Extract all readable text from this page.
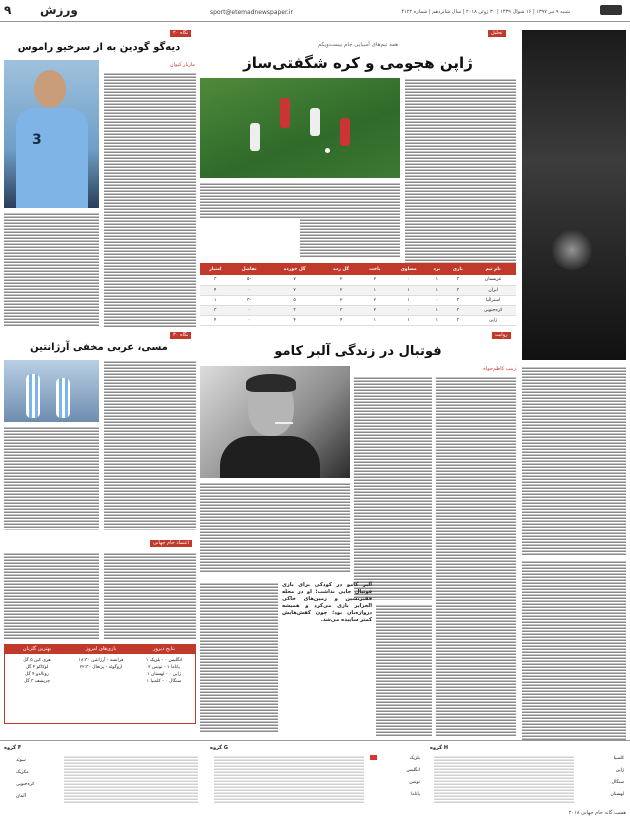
۹ ورزش	sport@etemadnewspaper.ir	شنبه ۹ تیر ۱۳۹۷ | ۱۶ شوال ۱۴۳۹ | ۳۰ ژوئن ۲۰۱۸ | سال شانزدهم | شماره ۴۱۲۲
تحلیل
همه تیم‌های آسیایی جام بیست‌ویکم
ژاپن هجومی و کره شگفتی‌ساز
نام تیم	بازی	برد	مساوی	باخت	گل زده	گل خورده	تفاضل	امتیاز
عربستان	۳	۱	۰	۲	۲	۷	-۵	۳
ایران	۳	۱	۱	۱	۲	۲	۰	۴
استرالیا	۳	۰	۱	۲	۲	۵	-۳	۱
کره‌جنوبی	۳	۱	۰	۲	۳	۳	۰	۳
ژاپن	۳	۱	۱	۱	۴	۴	۰	۴
نگاه ۲۰
دیه‌گو گودین به از سرخیو راموس
مازیار کیوان
3
روایت
فوتبال در زندگی آلبر کامو
زینب کاظم‌خواه
آلبر کامو در کودکی برای بازی فوتبال جایی نداشت؛ او در محله فقیرنشین و زمین‌های خاکی الجزایر بازی می‌کرد و همیشه دروازه‌بان بود؛ چون کفش‌هایش کمتر ساییده می‌شد.
نگاه ۳۰
مسی، عربی مخفی آرژانتین
اعتماد جام جهانی
نتایج دیروز
بازی‌های امروز
بهترین گلزنان
انگلیس ۰ - بلژیک ۱
پاناما ۱ - تونس ۲
ژاپن ۰ - لهستان ۱
سنگال ۰ - کلمبیا ۱
فرانسه - آرژانتین ۱۸:۳۰
اروگوئه - پرتغال ۲۲:۳۰
هری کین ۵ گل
لوکاکو ۴ گل
رونالدو ۴ گل
چریشف ۳ گل
گروه F
سوئد
مکزیک
کره‌جنوبی
آلمان
گروه G
بلژیک
انگلیس
تونس
پاناما
گروه H
کلمبیا
ژاپن
سنگال
لهستان
هشت گانه جام جهانی ۲۰۱۸
